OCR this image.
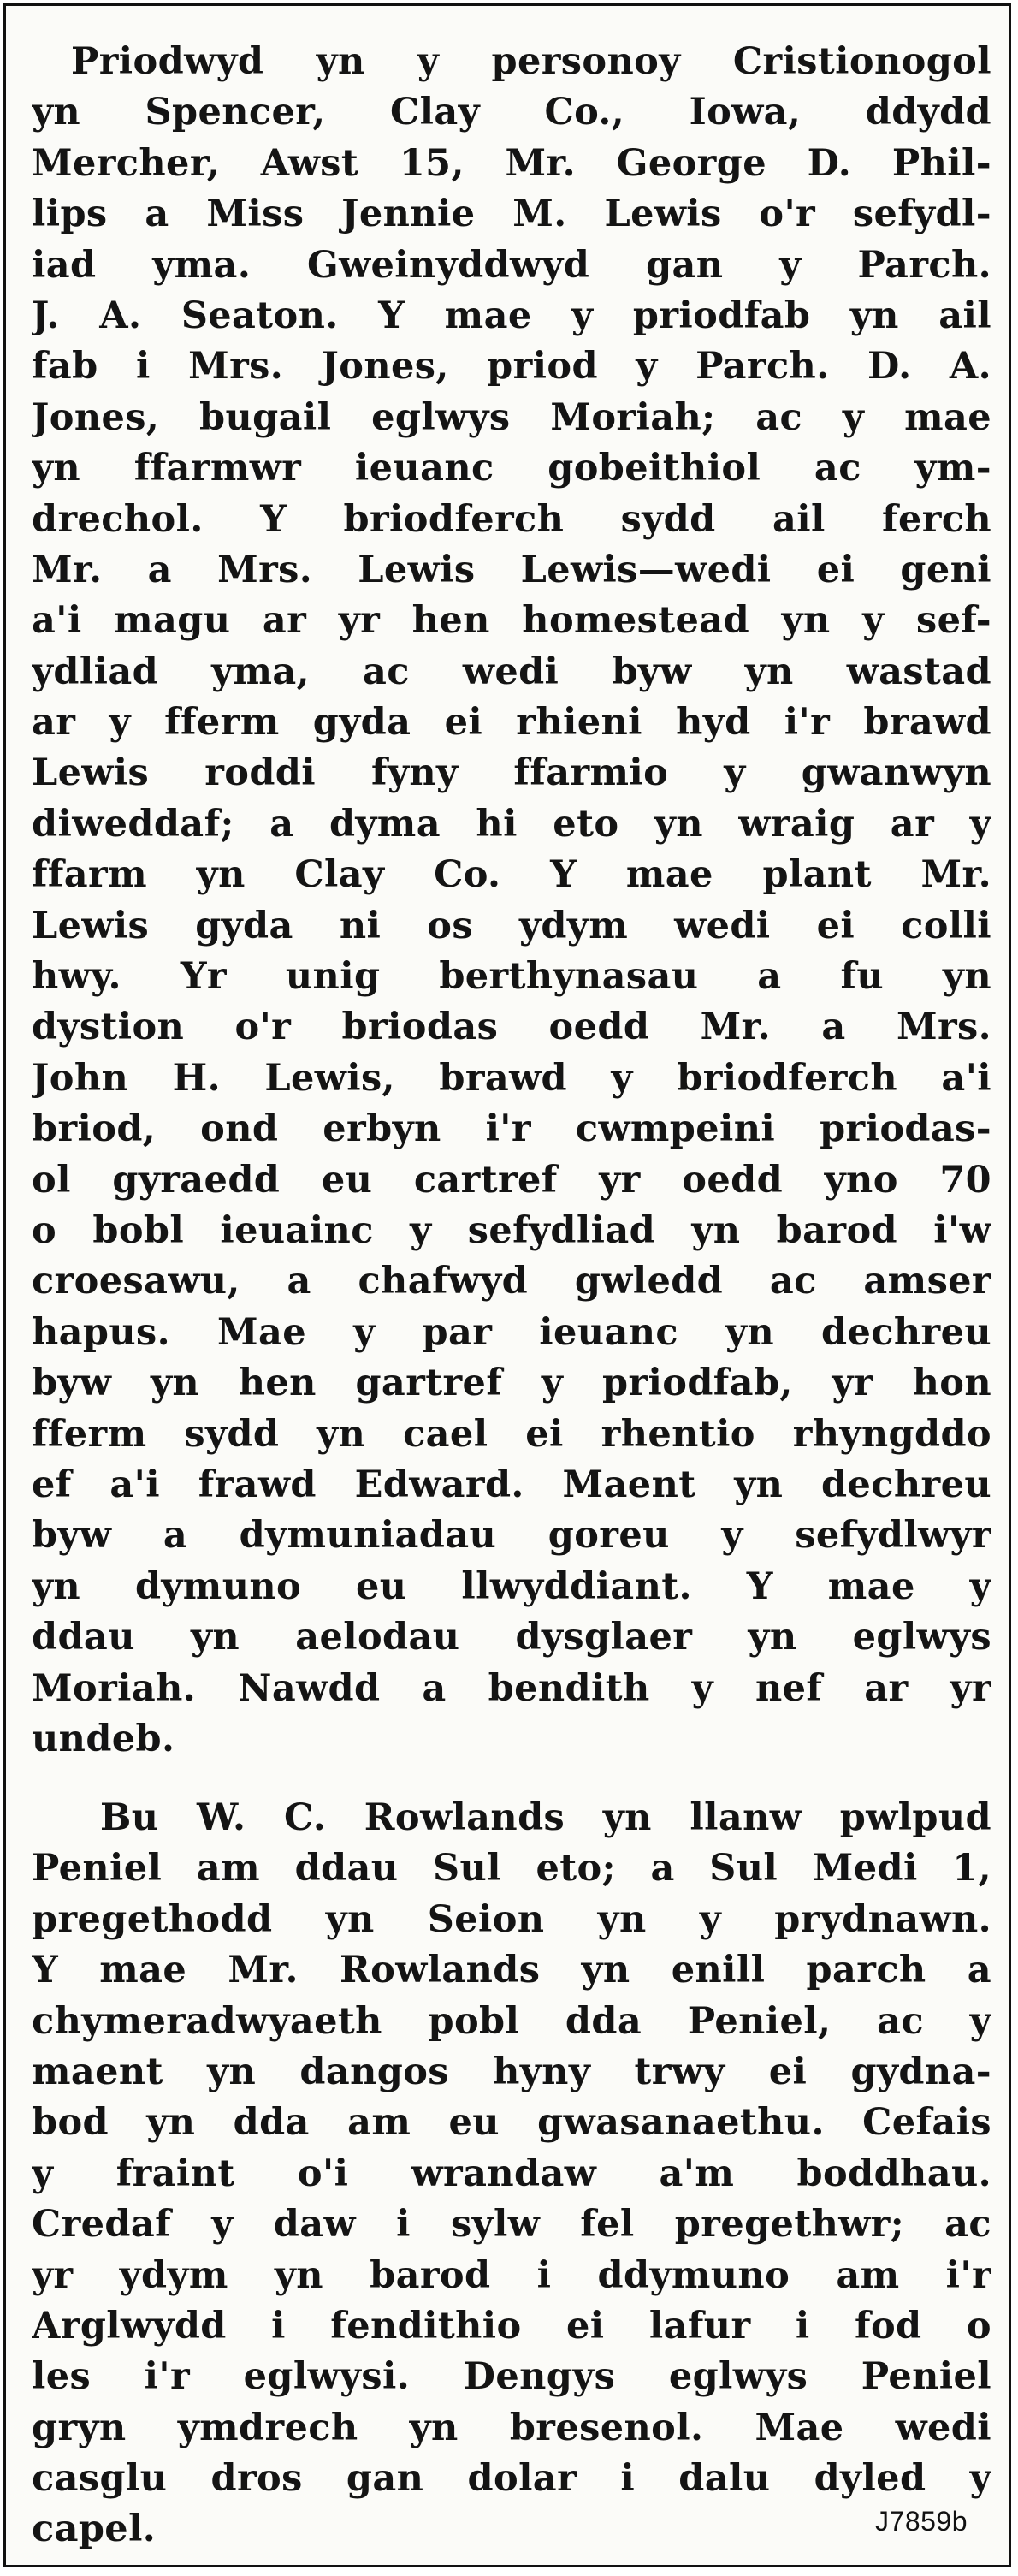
Priodwyd yn y personoy Cristionogol
yn Spencer, Clay Co., Iowa, ddydd
Mercher, Awst 15, Mr. George D. Phil-
lips a Miss Jennie M. Lewis o'r sefydl-
iad yma. Gweinyddwyd gan y Parch.
J. A. Seaton. Y mae y priodfab yn ail
fab i Mrs. Jones, priod y Parch. D. A.
Jones, bugail eglwys Moriah; ac y mae
yn ffarmwr ieuanc gobeithiol ac ym-
drechol. Y briodferch sydd ail ferch
Mr. a Mrs. Lewis Lewis—wedi ei geni
a'i magu ar yr hen homestead yn y sef-
ydliad yma, ac wedi byw yn wastad
ar y fferm gyda ei rhieni hyd i'r brawd
Lewis roddi fyny ffarmio y gwanwyn
diweddaf; a dyma hi eto yn wraig ar y
ffarm yn Clay Co. Y mae plant Mr.
Lewis gyda ni os ydym wedi ei colli
hwy. Yr unig berthynasau a fu yn
dystion o'r briodas oedd Mr. a Mrs.
John H. Lewis, brawd y briodferch a'i
briod, ond erbyn i'r cwmpeini priodas-
ol gyraedd eu cartref yr oedd yno 70
o bobl ieuainc y sefydliad yn barod i'w
croesawu, a chafwyd gwledd ac amser
hapus. Mae y par ieuanc yn dechreu
byw yn hen gartref y priodfab, yr hon
fferm sydd yn cael ei rhentio rhyngddo
ef a'i frawd Edward. Maent yn dechreu
byw a dymuniadau goreu y sefydlwyr
yn dymuno eu llwyddiant. Y mae y
ddau yn aelodau dysglaer yn eglwys
Moriah. Nawdd a bendith y nef ar yr
undeb.
Bu W. C. Rowlands yn llanw pwlpud
Peniel am ddau Sul eto; a Sul Medi 1,
pregethodd yn Seion yn y prydnawn.
Y mae Mr. Rowlands yn enill parch a
chymeradwyaeth pobl dda Peniel, ac y
maent yn dangos hyny trwy ei gydna-
bod yn dda am eu gwasanaethu. Cefais
y fraint o'i wrandaw a'm boddhau.
Credaf y daw i sylw fel pregethwr; ac
yr ydym yn barod i ddymuno am i'r
Arglwydd i fendithio ei lafur i fod o
les i'r eglwysi. Dengys eglwys Peniel
gryn ymdrech yn bresenol. Mae wedi
casglu dros gan dolar i dalu dyled y
capel.	J7859b
